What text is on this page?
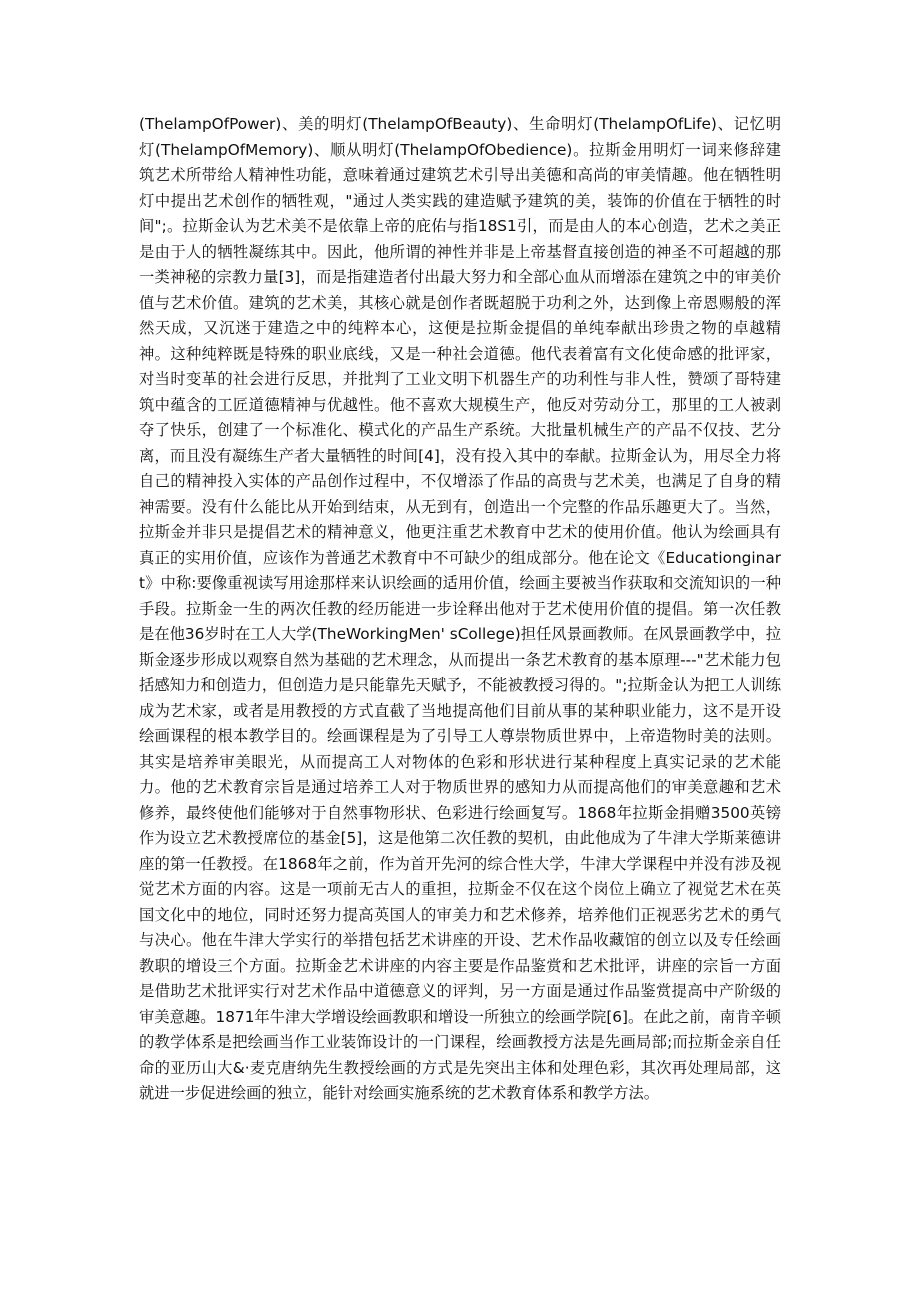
(ThelampOfPower)、美的明灯(ThelampOfBeauty)、生命明灯(ThelampOfLife)、记忆明灯(ThelampOfMemory)、顺从明灯(ThelampOfObedience)。拉斯金用明灯一词来修辞建筑艺术所带给人精神性功能，意味着通过建筑艺术引导出美德和高尚的审美情趣。他在牺牲明灯中提出艺术创作的牺牲观，"通过人类实践的建造赋予建筑的美，装饰的价值在于牺牲的时间";。拉斯金认为艺术美不是依靠上帝的庇佑与指18S1引，而是由人的本心创造，艺术之美正是由于人的牺牲凝练其中。因此，他所谓的神性并非是上帝基督直接创造的神圣不可超越的那一类神秘的宗教力量[3]，而是指建造者付出最大努力和全部心血从而增添在建筑之中的审美价值与艺术价值。建筑的艺术美，其核心就是创作者既超脱于功利之外，达到像上帝恩赐般的浑然天成，又沉迷于建造之中的纯粹本心，这便是拉斯金提倡的单纯奉献出珍贵之物的卓越精神。这种纯粹既是特殊的职业底线，又是一种社会道德。他代表着富有文化使命感的批评家，对当时变革的社会进行反思，并批判了工业文明下机器生产的功利性与非人性，赞颂了哥特建筑中蕴含的工匠道德精神与优越性。他不喜欢大规模生产，他反对劳动分工，那里的工人被剥夺了快乐，创建了一个标准化、模式化的产品生产系统。大批量机械生产的产品不仅技、艺分离，而且没有凝练生产者大量牺牲的时间[4]，没有投入其中的奉献。拉斯金认为，用尽全力将自己的精神投入实体的产品创作过程中，不仅增添了作品的高贵与艺术美，也满足了自身的精神需要。没有什么能比从开始到结束，从无到有，创造出一个完整的作品乐趣更大了。当然，拉斯金并非只是提倡艺术的精神意义，他更注重艺术教育中艺术的使用价值。他认为绘画具有真正的实用价值，应该作为普通艺术教育中不可缺少的组成部分。他在论文《Educationginart》中称:要像重视读写用途那样来认识绘画的适用价值，绘画主要被当作获取和交流知识的一种手段。拉斯金一生的两次任教的经历能进一步诠释出他对于艺术使用价值的提倡。第一次任教是在他36岁时在工人大学(TheWorkingMen' sCollege)担任风景画教师。在风景画教学中，拉斯金逐步形成以观察自然为基础的艺术理念，从而提出一条艺术教育的基本原理---"艺术能力包括感知力和创造力，但创造力是只能靠先天赋予，不能被教授习得的。";拉斯金认为把工人训练成为艺术家，或者是用教授的方式直截了当地提高他们目前从事的某种职业能力，这不是开设绘画课程的根本教学目的。绘画课程是为了引导工人尊崇物质世界中，上帝造物时美的法则。其实是培养审美眼光，从而提高工人对物体的色彩和形状进行某种程度上真实记录的艺术能力。他的艺术教育宗旨是通过培养工人对于物质世界的感知力从而提高他们的审美意趣和艺术修养，最终使他们能够对于自然事物形状、色彩进行绘画复写。1868年拉斯金捐赠3500英镑作为设立艺术教授席位的基金[5]，这是他第二次任教的契机，由此他成为了牛津大学斯莱德讲座的第一任教授。在1868年之前，作为首开先河的综合性大学，牛津大学课程中并没有涉及视觉艺术方面的内容。这是一项前无古人的重担，拉斯金不仅在这个岗位上确立了视觉艺术在英国文化中的地位，同时还努力提高英国人的审美力和艺术修养，培养他们正视恶劣艺术的勇气与决心。他在牛津大学实行的举措包括艺术讲座的开设、艺术作品收藏馆的创立以及专任绘画教职的增设三个方面。拉斯金艺术讲座的内容主要是作品鉴赏和艺术批评，讲座的宗旨一方面是借助艺术批评实行对艺术作品中道德意义的评判，另一方面是通过作品鉴赏提高中产阶级的审美意趣。1871年牛津大学增设绘画教职和增设一所独立的绘画学院[6]。在此之前，南肯辛顿的教学体系是把绘画当作工业装饰设计的一门课程，绘画教授方法是先画局部;而拉斯金亲自任命的亚历山大&·麦克唐纳先生教授绘画的方式是先突出主体和处理色彩，其次再处理局部，这就进一步促进绘画的独立，能针对绘画实施系统的艺术教育体系和教学方法。
